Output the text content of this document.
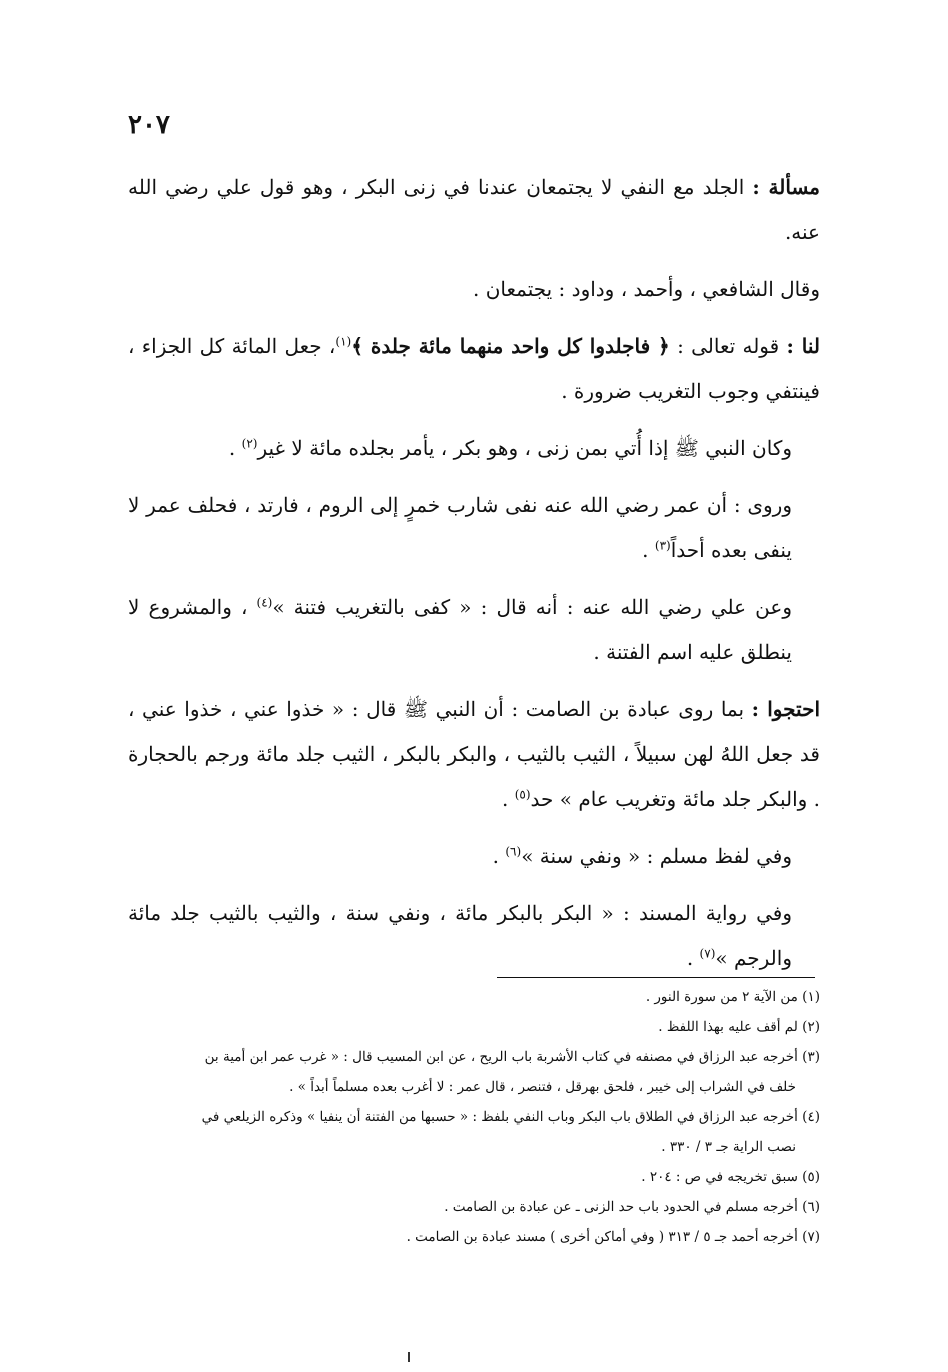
٢٠٧

مسألة : الجلد مع النفي لا يجتمعان عندنا في زنى البكر ، وهو قول علي رضي الله عنه.

وقال الشافعي ، وأحمد ، وداود : يجتمعان .

لنا : قوله تعالى : ﴿ فاجلدوا كل واحد منهما مائة جلدة ﴾$^{(١)}$، جعل المائة كل الجزاء ، فينتفي وجوب التغريب ضرورة .

وكان النبي ﷺ إذا أُتي بمن زنى ، وهو بكر ، يأمر بجلده مائة لا غير$^{(٢)}$ .

وروى : أن عمر رضي الله عنه نفى شارب خمرٍ إلى الروم ، فارتد ، فحلف عمر لا ينفى بعده أحداً$^{(٣)}$ .

وعن علي رضي الله عنه : أنه قال : « كفى بالتغريب فتنة »$^{(٤)}$ ، والمشروع لا ينطلق عليه اسم الفتنة .

احتجوا : بما روى عبادة بن الصامت : أن النبي ﷺ قال : « خذوا عني ، خذوا عني ، قد جعل اللهُ لهن سبيلاً ، الثيب بالثيب ، والبكر بالبكر ، الثيب جلد مائة ورجم بالحجارة . والبكر جلد مائة وتغريب عام » حد$^{(٥)}$ .

وفي لفظ مسلم : « ونفي سنة »$^{(٦)}$ .

وفي رواية المسند : « البكر بالبكر مائة ، ونفي سنة ، والثيب بالثيب جلد مائة والرجم »$^{(٧)}$ .

(١) من الآية ٢ من سورة النور .

(٢) لم أقف عليه بهذا اللفظ .

(٣) أخرجه عبد الرزاق في مصنفه في كتاب الأشربة باب الريح ، عن ابن المسيب قال : « غرب عمر ابن أمية بن

خلف في الشراب إلى خيبر ، فلحق بهرقل ، فتنصر ، قال عمر : لا أغرب بعده مسلماً أبداً » .

(٤) أخرجه عبد الرزاق في الطلاق باب البكر وباب النفي بلفظ : « حسبها من الفتنة أن ينفيا » وذكره الزيلعي في

نصب الراية جـ ٣ / ٣٣٠ .

(٥) سبق تخريجه في ص : ٢٠٤ .

(٦) أخرجه مسلم في الحدود باب حد الزنى ـ عن عبادة بن الصامت .

(٧) أخرجه أحمد جـ ٥ / ٣١٣ ( وفي أماكن أخرى ) مسند عبادة بن الصامت .
